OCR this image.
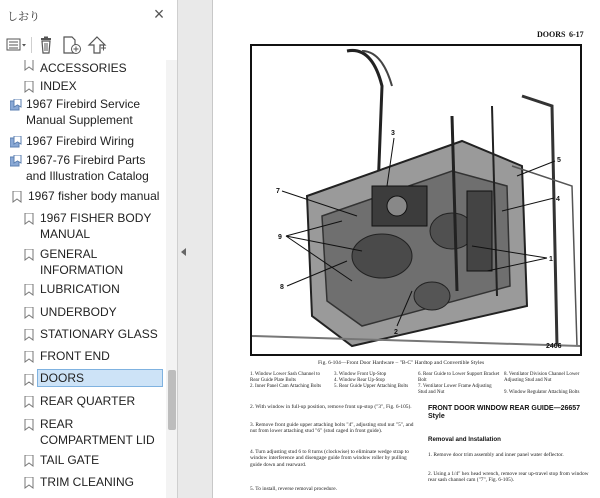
しおり	×
ACCESSORIES
INDEX
1967 Firebird Service Manual Supplement
1967 Firebird Wiring
1967-76 Firebird Parts and Illustration Catalog
1967 fisher body manual
1967 FISHER BODY MANUAL
GENERAL INFORMATION
LUBRICATION
UNDERBODY
STATIONARY GLASS
FRONT END
DOORS
REAR QUARTER
REAR COMPARTMENT LID
TAIL GATE
TRIM CLEANING
DOORS 6-17
3
5
4
7
9
1
8
2
2406
Fig. 6-104—Front Door Hardware – "B-C" Hardtop and Convertible Styles
1. Window Lower Sash Channel to Rear Guide Plate Bolts
2. Inner Panel Cam Attaching Bolts
3. Window Front Up-Stop
4. Window Rear Up-Stop
5. Rear Guide Upper Attaching Bolts
6. Rear Guide to Lower Support Bracket Bolt
7. Ventilator Lower Frame Adjusting Stud and Nut
8. Ventilator Division Channel Lower Adjusting Stud and Nut
9. Window Regulator Attaching Bolts
2. With window in full-up position, remove front up-stop ("3", Fig. 6-105).
3. Remove front guide upper attaching bolts "4", adjusting stud nut "5", and nut from lower attaching stud "6" (stud caged in front guide).
4. Turn adjusting stud 6 to 8 turns (clockwise) to eliminate wedge strap to window interference and disengage guide from window roller by pulling guide down and rearward.
5. To install, reverse removal procedure.
FRONT DOOR WINDOW REAR GUIDE—26657 Style
Removal and Installation
1. Remove door trim assembly and inner panel water deflector.
2. Using a 1/4" hex head wrench, remove rear up-travel stop from window rear sash channel cam ("7", Fig. 6-105).
